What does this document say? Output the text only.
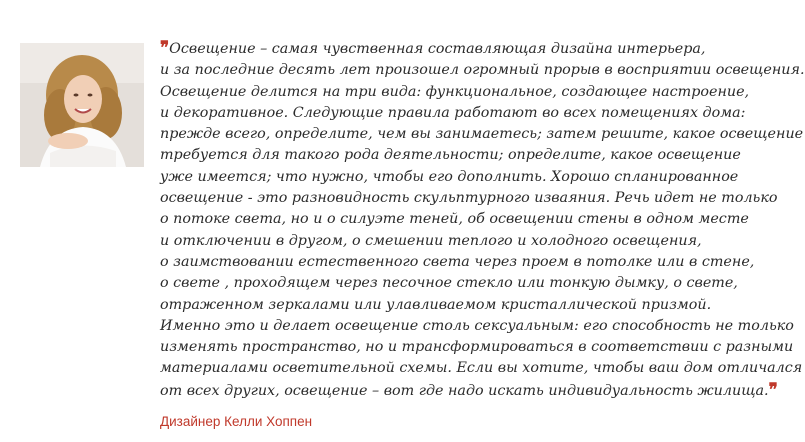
❞Освещение – самая чувственная составляющая дизайна интерьера,
и за последние десять лет произошел огромный прорыв в восприятии освещения.
Освещение делится на три вида: функциональное, создающее настроение,
и декоративное. Следующие правила работают во всех помещениях дома:
прежде всего, определите, чем вы занимаетесь; затем решите, какое освещение
требуется для такого рода деятельности; определите, какое освещение
уже имеется; что нужно, чтобы его дополнить. Хорошо спланированное
освещение - это разновидность скульптурного изваяния. Речь идет не только
о потоке света, но и о силуэте теней, об освещении стены в одном месте
и отключении в другом, о смешении теплого и холодного освещения,
о заимствовании естественного света через проем в потолке или в стене,
о свете , проходящем через песочное стекло или тонкую дымку, о свете,
отраженном зеркалами или улавливаемом кристаллической призмой.
Именно это и делает освещение столь сексуальным: его способность не только
изменять пространство, но и трансформироваться в соответствии с разными
материалами осветительной схемы. Если вы хотите, чтобы ваш дом отличался
от всех других, освещение – вот где надо искать индивидуальность жилища.❞
Дизайнер Келли Хоппен
